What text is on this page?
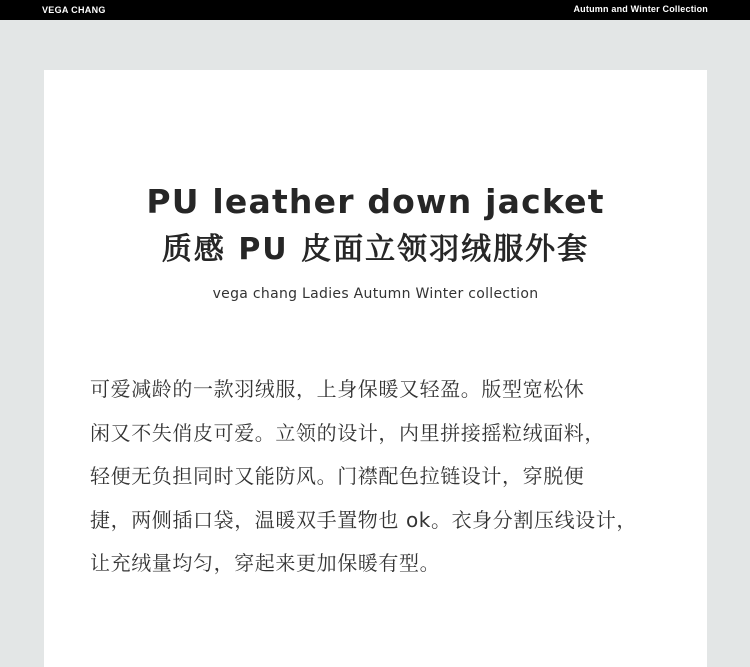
VEGA CHANG	Autumn and Winter Collection
PU leather down jacket
质感 PU 皮面立领羽绒服外套
vega chang Ladies Autumn Winter collection
可爱减龄的一款羽绒服，上身保暖又轻盈。版型宽松休
闲又不失俏皮可爱。立领的设计，内里拼接摇粒绒面料，
轻便无负担同时又能防风。门襟配色拉链设计，穿脱便
捷，两侧插口袋，温暖双手置物也 ok。衣身分割压线设计，
让充绒量均匀，穿起来更加保暖有型。
